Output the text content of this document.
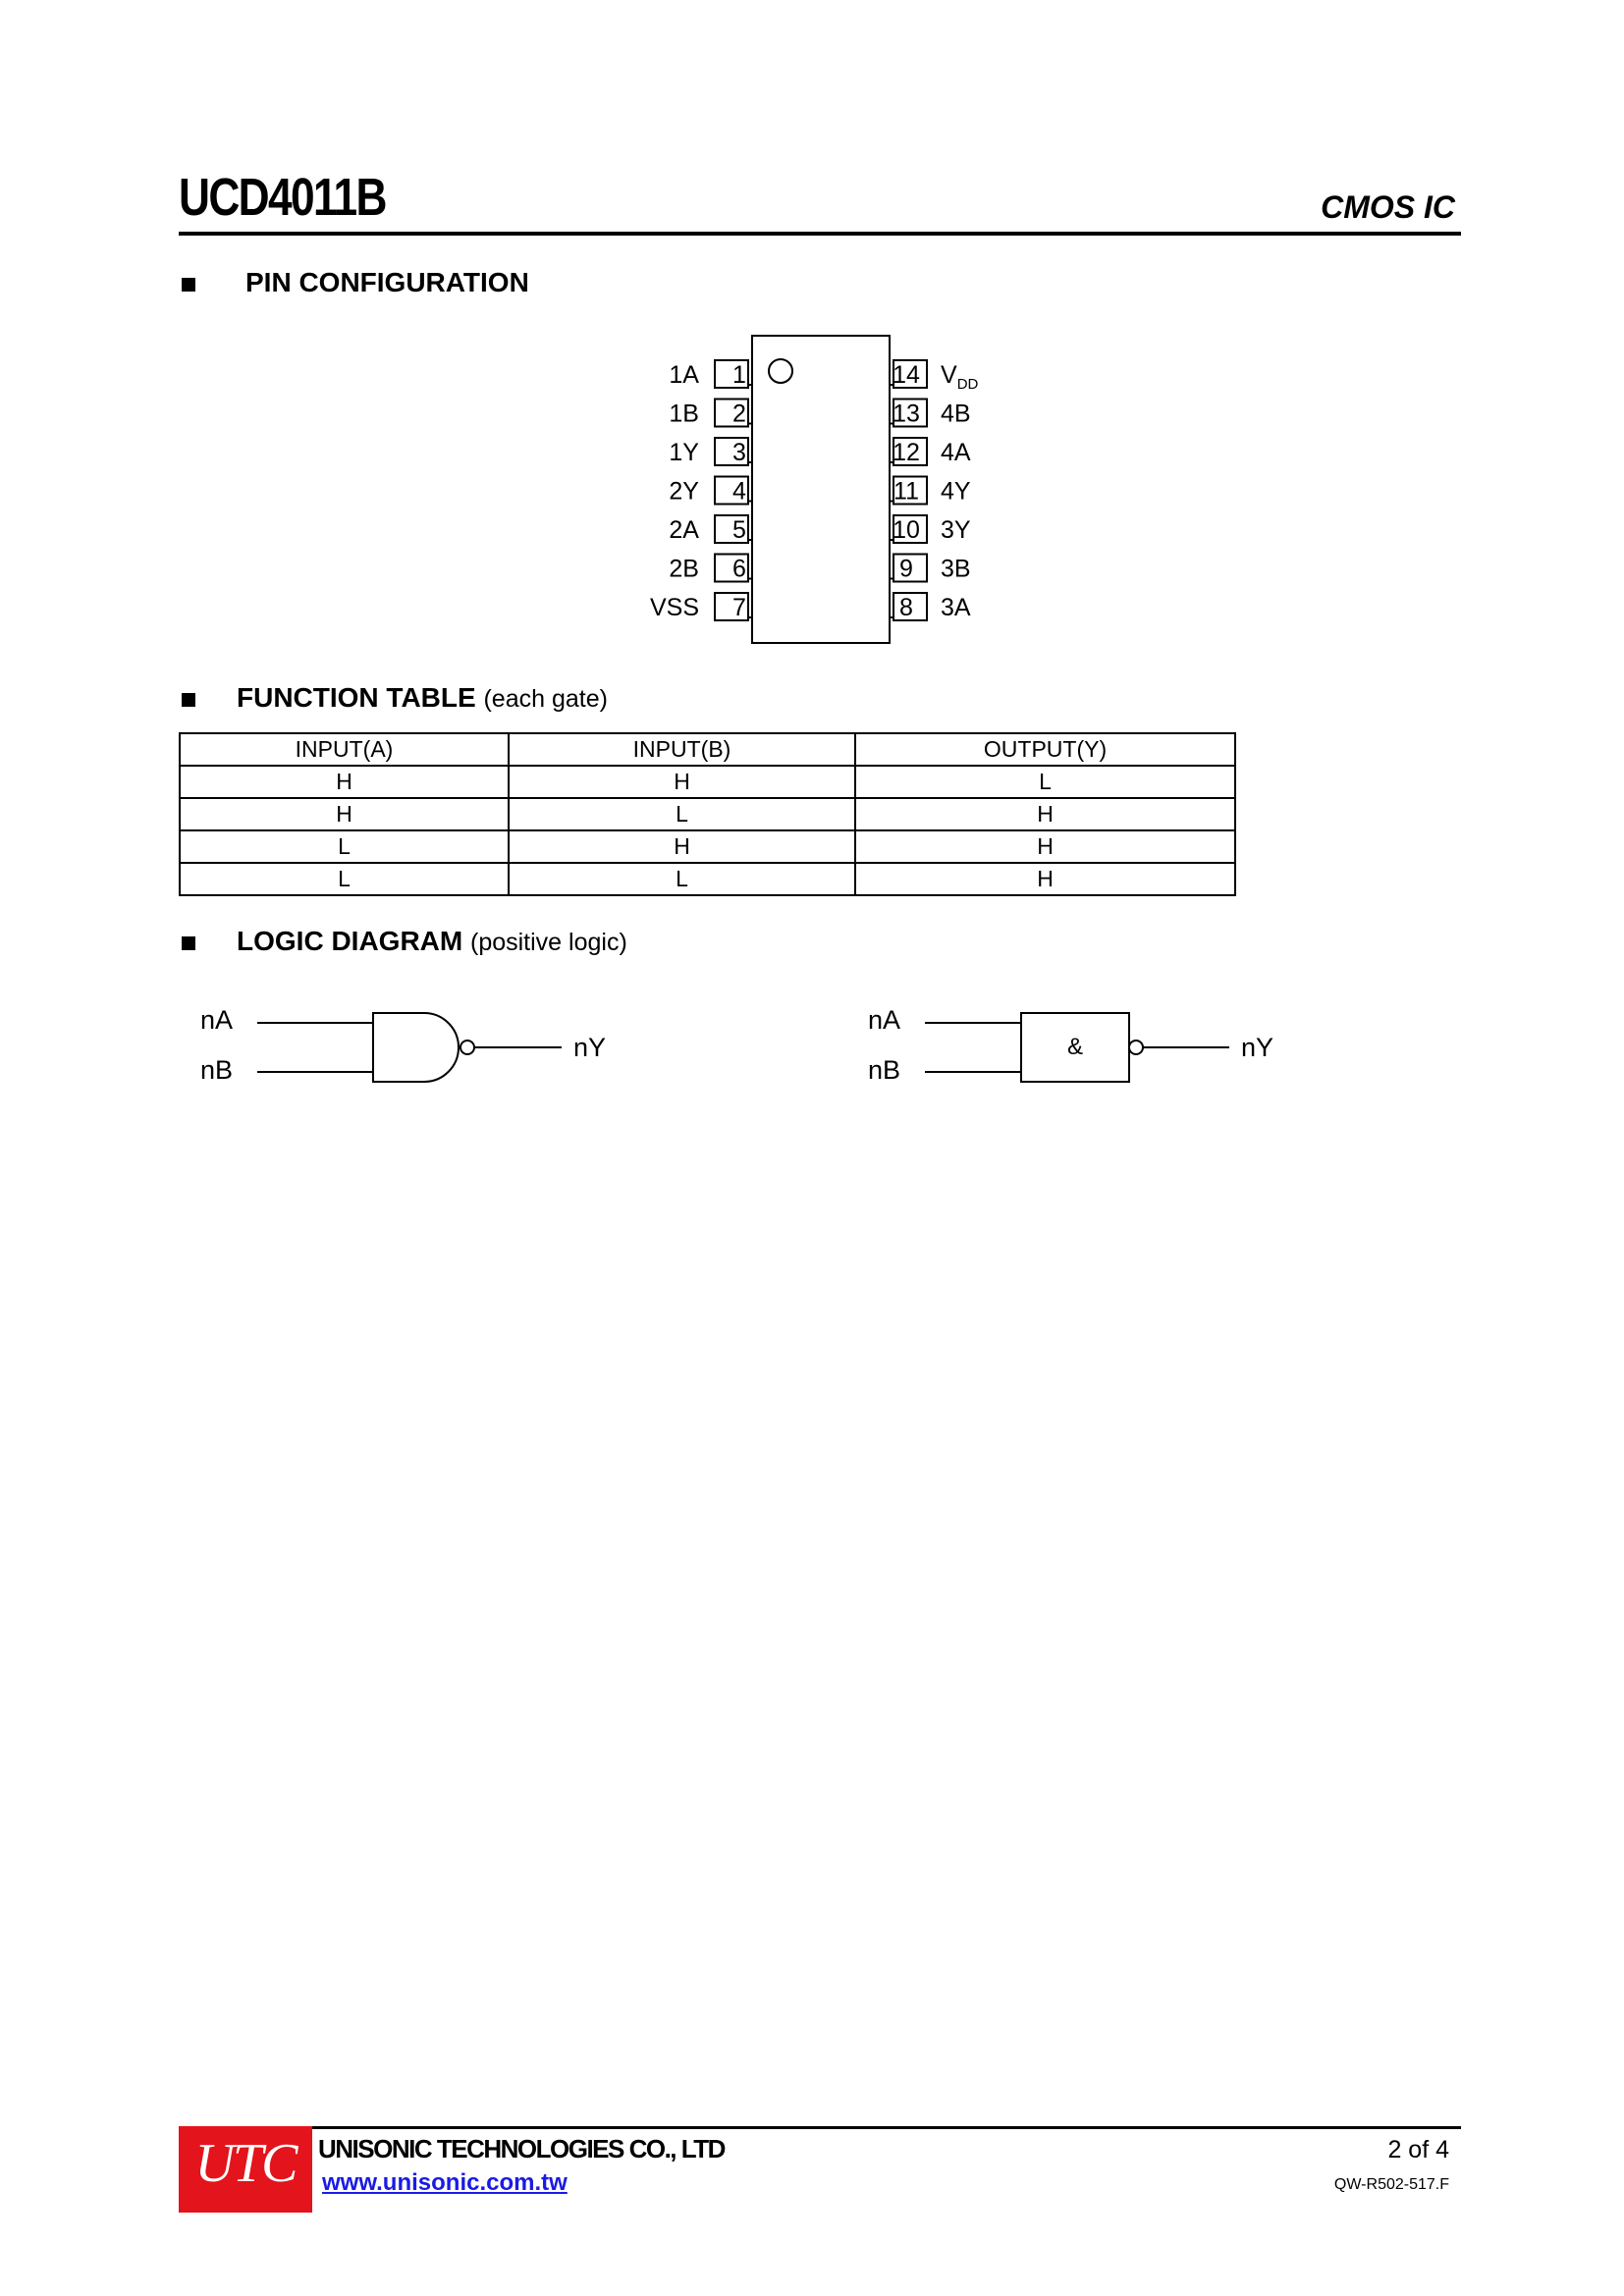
UCD4011B	CMOS IC
PIN CONFIGURATION
1
1A
2
1B
3
1Y
4
2Y
5
2A
6
2B
7
VSS
14 $V_{DD}$
13 4B
12 4A
11 4Y
10 3Y
9 3B
8 3A
FUNCTION TABLE (each gate)
INPUT(A)	INPUT(B)	OUTPUT(Y)
H	H	L
H	L	H
L	H	H
L	L	H
LOGIC DIAGRAM (positive logic)
nA
nB
nY
nA
nB
&	nY
UTC UNISONIC TECHNOLOGIES CO., LTD
www.unisonic.com.tw
2 of 4
QW-R502-517.F
